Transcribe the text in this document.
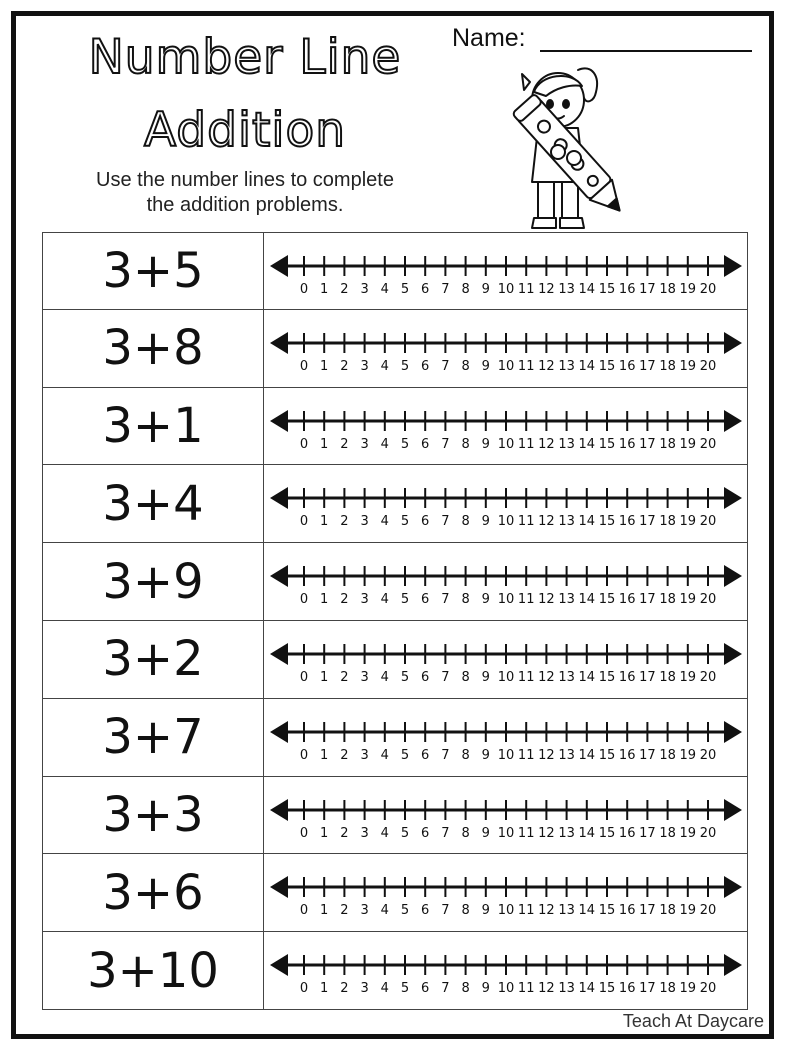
Number Line
Addition

Use the number lines to complete
the addition problems.

Name:
3+5	0 1 2 3 4 5 6 7 8 9 10 11 12 13 14 15 16 17 18 19 20
3+8	0 1 2 3 4 5 6 7 8 9 10 11 12 13 14 15 16 17 18 19 20
3+1	0 1 2 3 4 5 6 7 8 9 10 11 12 13 14 15 16 17 18 19 20
3+4	0 1 2 3 4 5 6 7 8 9 10 11 12 13 14 15 16 17 18 19 20
3+9	0 1 2 3 4 5 6 7 8 9 10 11 12 13 14 15 16 17 18 19 20
3+2	0 1 2 3 4 5 6 7 8 9 10 11 12 13 14 15 16 17 18 19 20
3+7	0 1 2 3 4 5 6 7 8 9 10 11 12 13 14 15 16 17 18 19 20
3+3	0 1 2 3 4 5 6 7 8 9 10 11 12 13 14 15 16 17 18 19 20
3+6	0 1 2 3 4 5 6 7 8 9 10 11 12 13 14 15 16 17 18 19 20
3+10	0 1 2 3 4 5 6 7 8 9 10 11 12 13 14 15 16 17 18 19 20
Teach At Daycare
